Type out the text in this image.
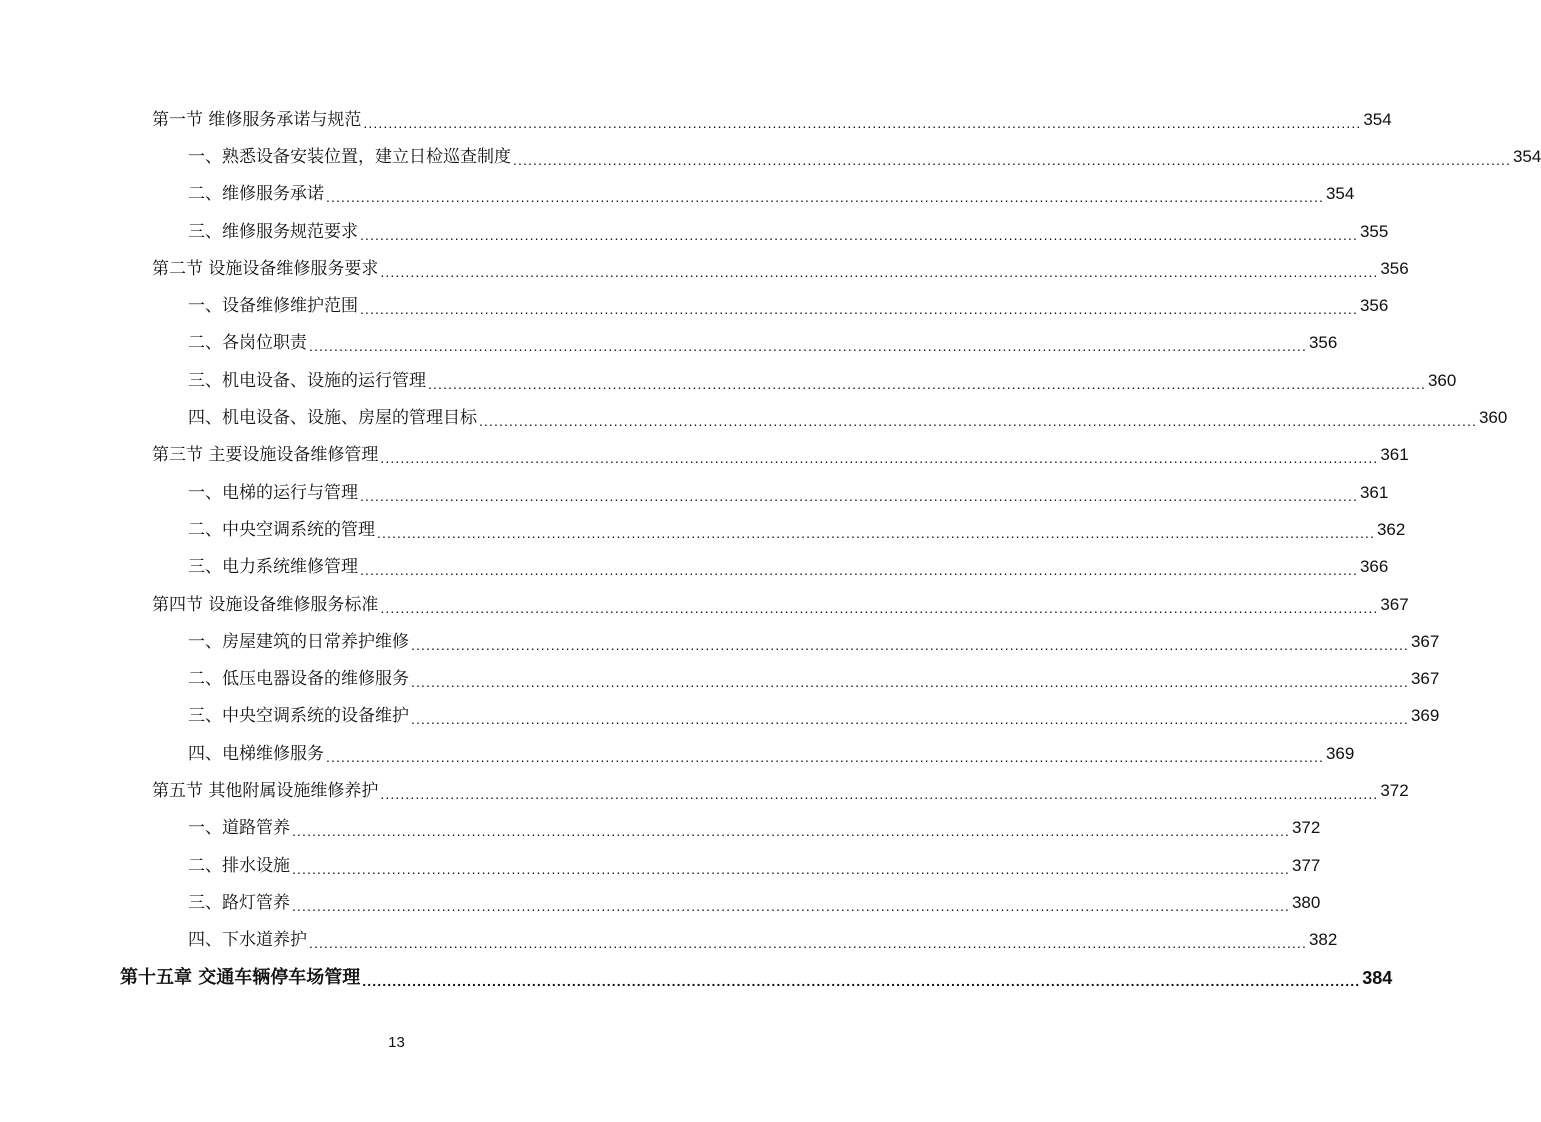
第一节 维修服务承诺与规范 ........................................................................................................................................................................................................ 354
一、熟悉设备安装位置，建立日检巡查制度 ........................................................................................................................................................................................................ 354
二、维修服务承诺 ........................................................................................................................................................................................................ 354
三、维修服务规范要求 ........................................................................................................................................................................................................ 355
第二节 设施设备维修服务要求 ........................................................................................................................................................................................................ 356
一、设备维修维护范围 ........................................................................................................................................................................................................ 356
二、各岗位职责 ........................................................................................................................................................................................................ 356
三、机电设备、设施的运行管理 ........................................................................................................................................................................................................ 360
四、机电设备、设施、房屋的管理目标 ........................................................................................................................................................................................................ 360
第三节 主要设施设备维修管理 ........................................................................................................................................................................................................ 361
一、电梯的运行与管理 ........................................................................................................................................................................................................ 361
二、中央空调系统的管理 ........................................................................................................................................................................................................ 362
三、电力系统维修管理 ........................................................................................................................................................................................................ 366
第四节 设施设备维修服务标准 ........................................................................................................................................................................................................ 367
一、房屋建筑的日常养护维修 ........................................................................................................................................................................................................ 367
二、低压电器设备的维修服务 ........................................................................................................................................................................................................ 367
三、中央空调系统的设备维护 ........................................................................................................................................................................................................ 369
四、电梯维修服务 ........................................................................................................................................................................................................ 369
第五节 其他附属设施维修养护 ........................................................................................................................................................................................................ 372
一、道路管养 ........................................................................................................................................................................................................ 372
二、排水设施 ........................................................................................................................................................................................................ 377
三、路灯管养 ........................................................................................................................................................................................................ 380
四、下水道养护 ........................................................................................................................................................................................................ 382
第十五章 交通车辆停车场管理 ........................................................................................................................................................................................................ 384
13
